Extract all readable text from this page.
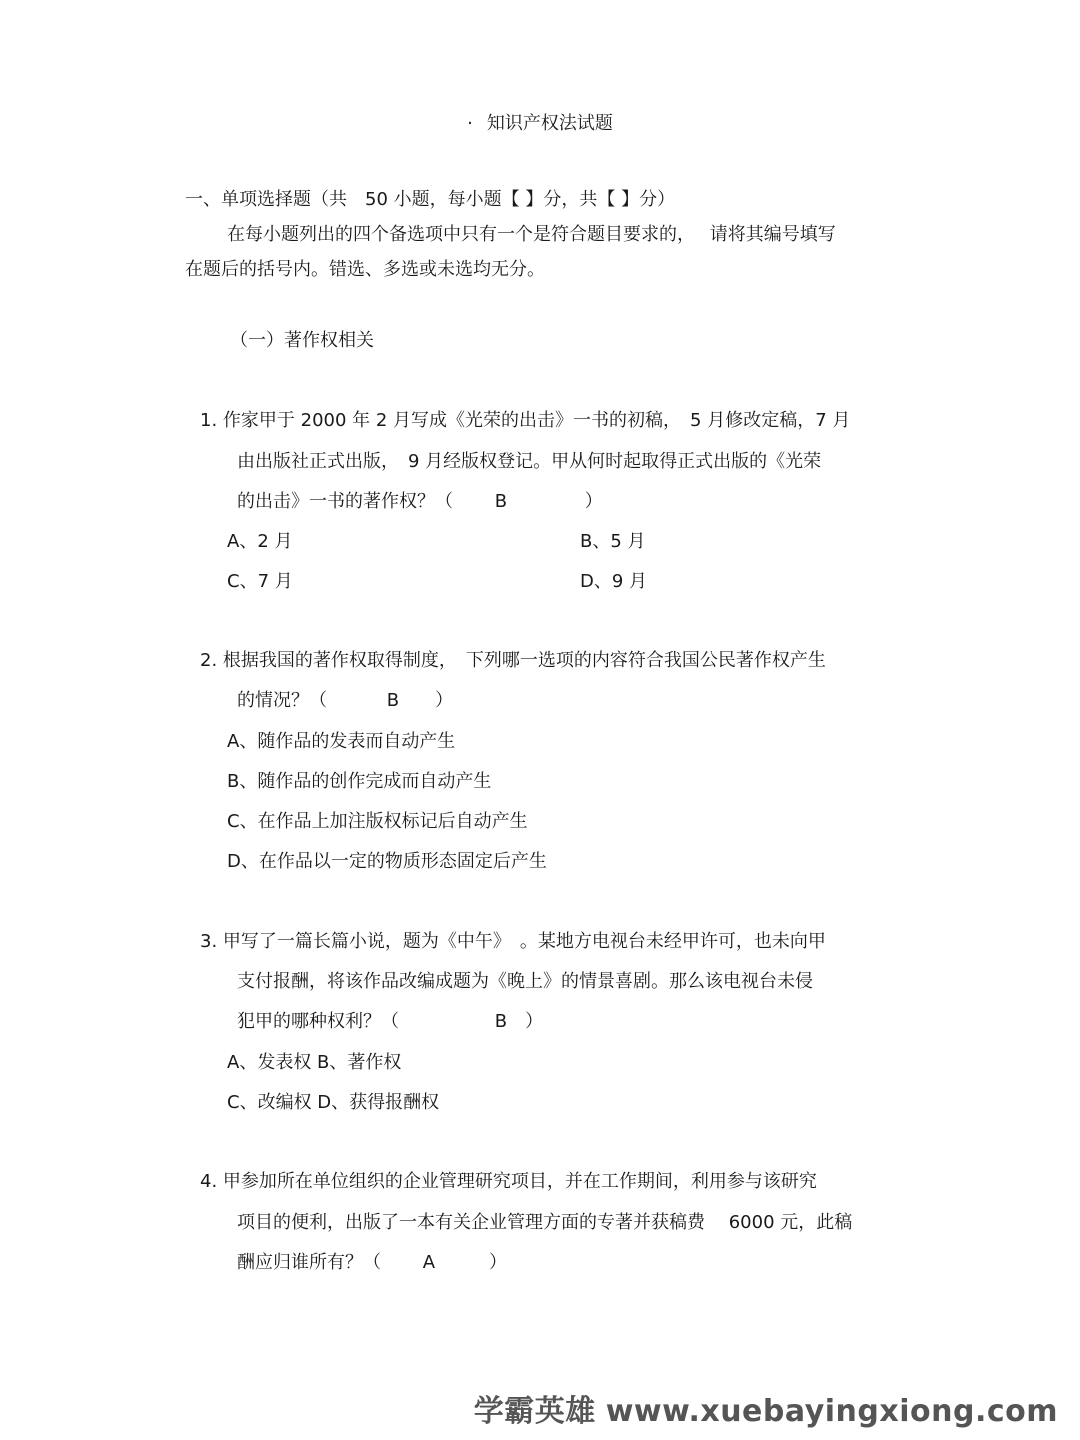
· 知识产权法试题
一、单项选择题（共　50 小题，每小题【 】分，共【 】分）
在每小题列出的四个备选项中只有一个是符合题目要求的，　 请将其编号填写
在题后的括号内。错选、多选或未选均无分。
（一）著作权相关
1. 作家甲于 2000 年 2 月写成《光荣的出击》一书的初稿，　5 月修改定稿，7 月
由出版社正式出版，　9 月经版权登记。甲从何时起取得正式出版的《光荣
的出击》一书的著作权？（　　 B　　　　 ）
A、2 月	B、5 月
C、7 月	D、9 月
2. 根据我国的著作权取得制度，　下列哪一选项的内容符合我国公民著作权产生
的情况？（　　　 B　　）
A、随作品的发表而自动产生
B、随作品的创作完成而自动产生
C、在作品上加注版权标记后自动产生
D、在作品以一定的物质形态固定后产生
3. 甲写了一篇长篇小说，题为《中午》　。某地方电视台未经甲许可，也未向甲
支付报酬，将该作品改编成题为《晚上》的情景喜剧。那么该电视台未侵
犯甲的哪种权利？（　　　　　 B　）
A、发表权 B、著作权
C、改编权 D、获得报酬权
4. 甲参加所在单位组织的企业管理研究项目，并在工作期间，利用参与该研究
项目的便利，出版了一本有关企业管理方面的专著并获稿费　 6000 元，此稿
酬应归谁所有？（　　 A　　　）
学霸英雄 www.xuebayingxiong.com
